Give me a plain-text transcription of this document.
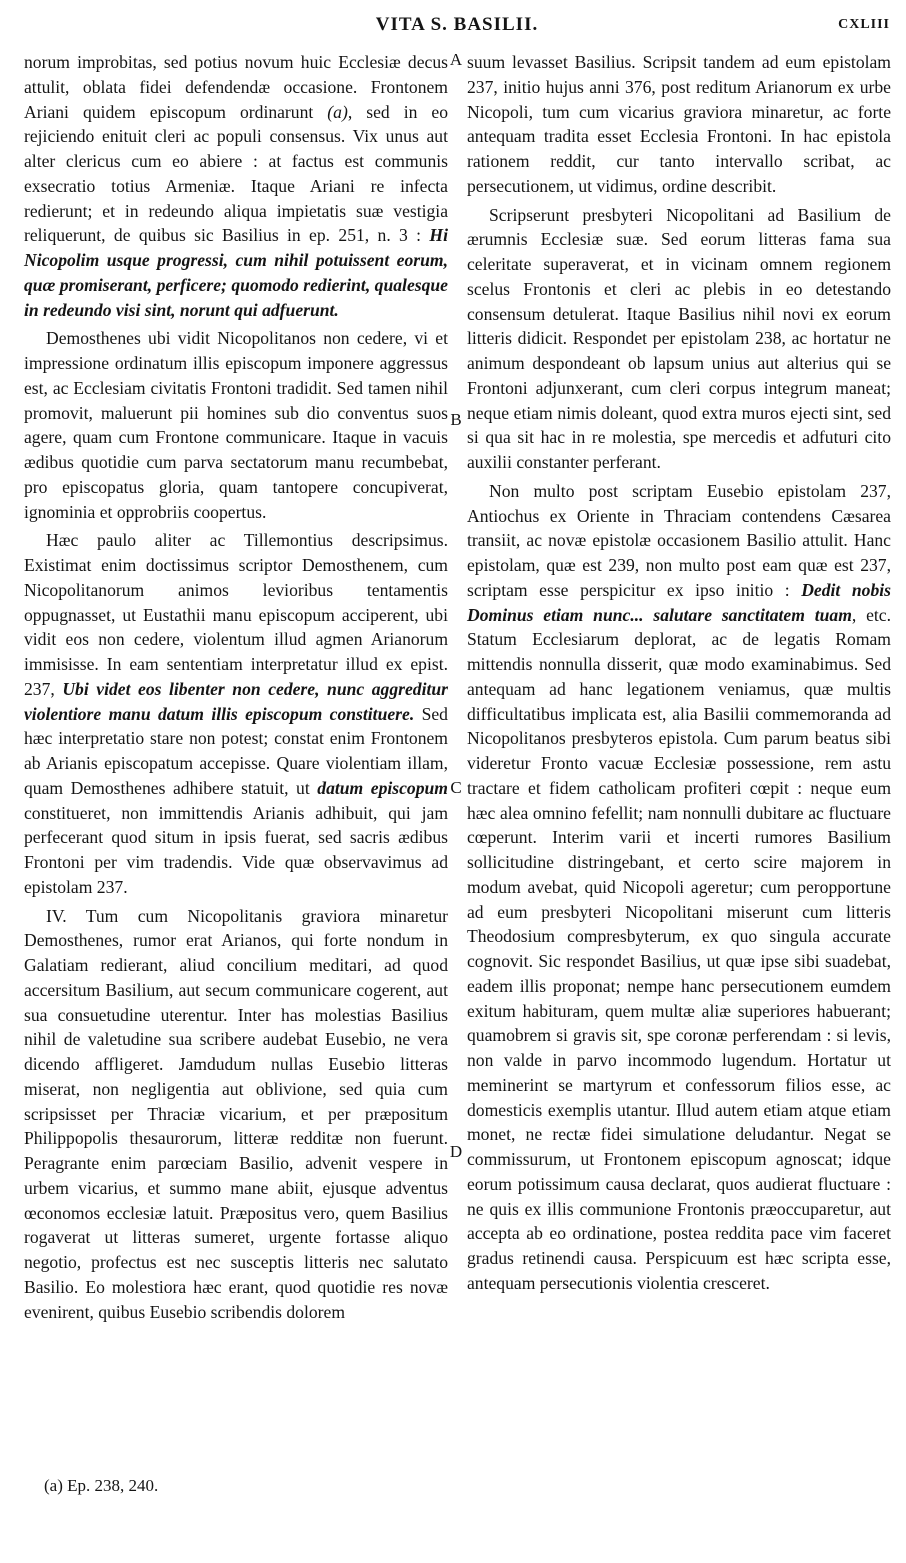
VITA S. BASILII.	CXLIII

norum improbitas, sed potius novum huic Ecclesiæ decus attulit, oblata fidei defendendæ occasione. Frontonem Ariani quidem episcopum ordinarunt (a), sed in eo rejiciendo enituit cleri ac populi consensus. Vix unus aut alter clericus cum eo abiere : at factus est communis exsecratio totius Armeniæ. Itaque Ariani re infecta redierunt; et in redeundo aliqua impietatis suæ vestigia reliquerunt, de quibus sic Basilius in ep. 251, n. 3 : Hi Nicopolim usque progressi, cum nihil potuissent eorum, quæ promiserant, perficere; quomodo redierint, qualesque in redeundo visi sint, norunt qui adfuerunt.

Demosthenes ubi vidit Nicopolitanos non cedere, vi et impressione ordinatum illis episcopum imponere aggressus est, ac Ecclesiam civitatis Frontoni tradidit. Sed tamen nihil promovit, maluerunt pii homines sub dio conventus suos agere, quam cum Frontone communicare. Itaque in vacuis ædibus quotidie cum parva sectatorum manu recumbebat, pro episcopatus gloria, quam tantopere concupiverat, ignominia et opprobriis coopertus.

Hæc paulo aliter ac Tillemontius descripsimus. Existimat enim doctissimus scriptor Demosthenem, cum Nicopolitanorum animos levioribus tentamentis oppugnasset, ut Eustathii manu episcopum acciperent, ubi vidit eos non cedere, violentum illud agmen Arianorum immisisse. In eam sententiam interpretatur illud ex epist. 237, Ubi videt eos libenter non cedere, nunc aggreditur violentiore manu datum illis episcopum constituere. Sed hæc interpretatio stare non potest; constat enim Frontonem ab Arianis episcopatum accepisse. Quare violentiam illam, quam Demosthenes adhibere statuit, ut datum episcopum constitueret, non immittendis Arianis adhibuit, qui jam perfecerant quod situm in ipsis fuerat, sed sacris ædibus Frontoni per vim tradendis. Vide quæ observavimus ad epistolam 237.

IV. Tum cum Nicopolitanis graviora minaretur Demosthenes, rumor erat Arianos, qui forte nondum in Galatiam redierant, aliud concilium meditari, ad quod accersitum Basilium, aut secum communicare cogerent, aut sua consuetudine uterentur. Inter has molestias Basilius nihil de valetudine sua scribere audebat Eusebio, ne vera dicendo affligeret. Jamdudum nullas Eusebio litteras miserat, non negligentia aut oblivione, sed quia cum scripsisset per Thraciæ vicarium, et per præpositum Philippopolis thesaurorum, litteræ redditæ non fuerunt. Peragrante enim parœciam Basilio, advenit vespere in urbem vicarius, et summo mane abiit, ejusque adventus œconomos ecclesiæ latuit. Præpositus vero, quem Basilius rogaverat ut litteras sumeret, urgente fortasse aliquo negotio, profectus est nec susceptis litteris nec salutato Basilio. Eo molestiora hæc erant, quod quotidie res novæ evenirent, quibus Eusebio scribendis dolorem

A
B
C
D

suum levasset Basilius. Scripsit tandem ad eum epistolam 237, initio hujus anni 376, post reditum Arianorum ex urbe Nicopoli, tum cum vicarius graviora minaretur, ac forte antequam tradita esset Ecclesia Frontoni. In hac epistola rationem reddit, cur tanto intervallo scribat, ac persecutionem, ut vidimus, ordine describit.

Scripserunt presbyteri Nicopolitani ad Basilium de ærumnis Ecclesiæ suæ. Sed eorum litteras fama sua celeritate superaverat, et in vicinam omnem regionem scelus Frontonis et cleri ac plebis in eo detestando consensum detulerat. Itaque Basilius nihil novi ex eorum litteris didicit. Respondet per epistolam 238, ac hortatur ne animum despondeant ob lapsum unius aut alterius qui se Frontoni adjunxerant, cum cleri corpus integrum maneat; neque etiam nimis doleant, quod extra muros ejecti sint, sed si qua sit hac in re molestia, spe mercedis et adfuturi cito auxilii constanter perferant.

Non multo post scriptam Eusebio epistolam 237, Antiochus ex Oriente in Thraciam contendens Cæsarea transiit, ac novæ epistolæ occasionem Basilio attulit. Hanc epistolam, quæ est 239, non multo post eam quæ est 237, scriptam esse perspicitur ex ipso initio : Dedit nobis Dominus etiam nunc... salutare sanctitatem tuam, etc. Statum Ecclesiarum deplorat, ac de legatis Romam mittendis nonnulla disserit, quæ modo examinabimus. Sed antequam ad hanc legationem veniamus, quæ multis difficultatibus implicata est, alia Basilii commemoranda ad Nicopolitanos presbyteros epistola. Cum parum beatus sibi videretur Fronto vacuæ Ecclesiæ possessione, rem astu tractare et fidem catholicam profiteri cœpit : neque eum hæc alea omnino fefellit; nam nonnulli dubitare ac fluctuare cœperunt. Interim varii et incerti rumores Basilium sollicitudine distringebant, et certo scire majorem in modum avebat, quid Nicopoli ageretur; cum peropportune ad eum presbyteri Nicopolitani miserunt cum litteris Theodosium compresbyterum, ex quo singula accurate cognovit. Sic respondet Basilius, ut quæ ipse sibi suadebat, eadem illis proponat; nempe hanc persecutionem eumdem exitum habituram, quem multæ aliæ superiores habuerant; quamobrem si gravis sit, spe coronæ perferendam : si levis, non valde in parvo incommodo lugendum. Hortatur ut meminerint se martyrum et confessorum filios esse, ac domesticis exemplis utantur. Illud autem etiam atque etiam monet, ne rectæ fidei simulatione deludantur. Negat se commissurum, ut Frontonem episcopum agnoscat; idque eorum potissimum causa declarat, quos audierat fluctuare : ne quis ex illis communione Frontonis præoccuparetur, aut accepta ab eo ordinatione, postea reddita pace vim faceret gradus retinendi causa. Perspicuum est hæc scripta esse, antequam persecutionis violentia cresceret.

(a) Ep. 238, 240.
